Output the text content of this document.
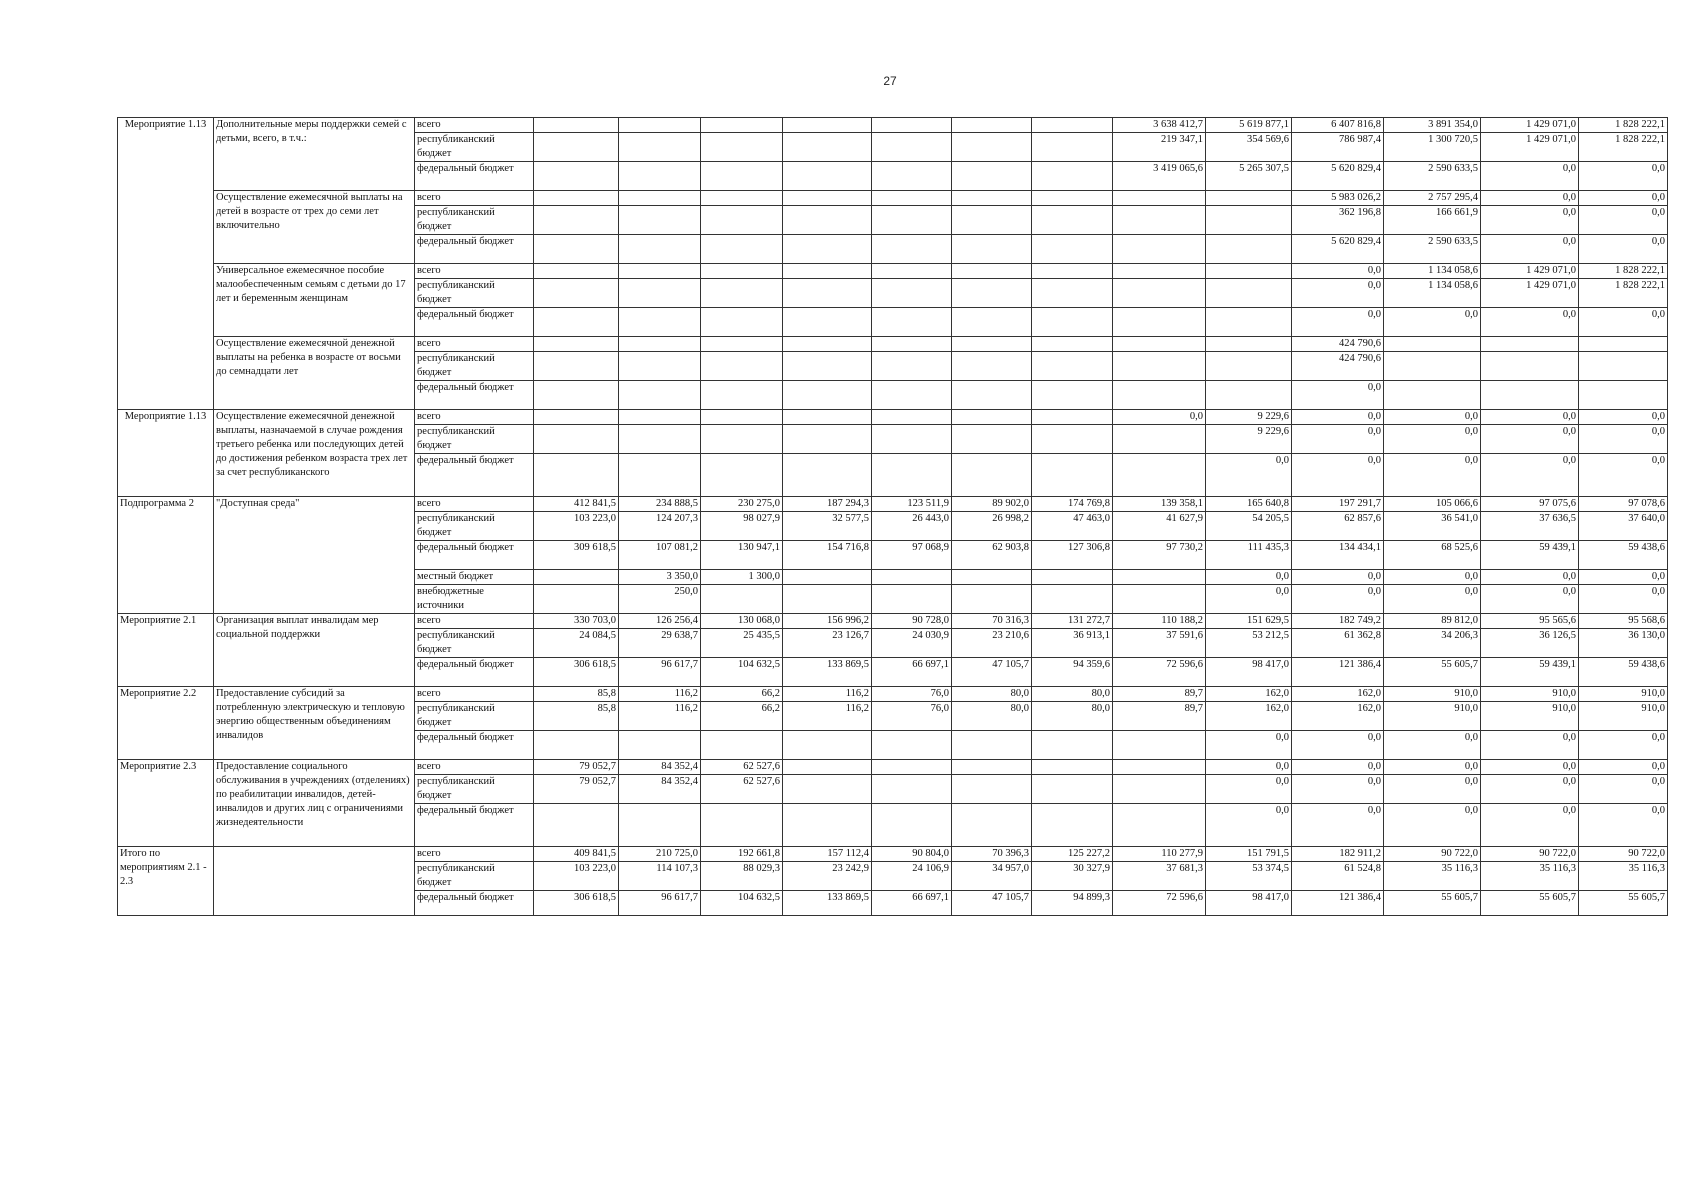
27
Мероприятие 1.13	Дополнительные меры поддержки семей с детьми, всего, в т.ч.:	всего								3 638 412,7	5 619 877,1	6 407 816,8	3 891 354,0	1 429 071,0	1 828 222,1
		республиканский бюджет								219 347,1	354 569,6	786 987,4	1 300 720,5	1 429 071,0	1 828 222,1
		федеральный бюджет								3 419 065,6	5 265 307,5	5 620 829,4	2 590 633,5	0,0	0,0
	Осуществление ежемесячной выплаты на детей в возрасте от трех до семи лет включительно	всего										5 983 026,2	2 757 295,4	0,0	0,0
		республиканский бюджет										362 196,8	166 661,9	0,0	0,0
		федеральный бюджет										5 620 829,4	2 590 633,5	0,0	0,0
	Универсальное ежемесячное пособие малообеспеченным семьям с детьми до 17 лет и беременным женщинам	всего										0,0	1 134 058,6	1 429 071,0	1 828 222,1
		республиканский бюджет										0,0	1 134 058,6	1 429 071,0	1 828 222,1
		федеральный бюджет										0,0	0,0	0,0	0,0
	Осуществление ежемесячной денежной выплаты на ребенка в возрасте от восьми до семнадцати лет	всего										424 790,6			
		республиканский бюджет										424 790,6			
		федеральный бюджет										0,0			
Мероприятие 1.13	Осуществление ежемесячной денежной выплаты, назначаемой в случае рождения третьего ребенка или последующих детей до достижения ребенком возраста трех лет за счет республиканского	всего								0,0	9 229,6	0,0	0,0	0,0	0,0
		республиканский бюджет									9 229,6	0,0	0,0	0,0	0,0
		федеральный бюджет									0,0	0,0	0,0	0,0	0,0
Подпрограмма 2	"Доступная среда"	всего	412 841,5	234 888,5	230 275,0	187 294,3	123 511,9	89 902,0	174 769,8	139 358,1	165 640,8	197 291,7	105 066,6	97 075,6	97 078,6
		республиканский бюджет	103 223,0	124 207,3	98 027,9	32 577,5	26 443,0	26 998,2	47 463,0	41 627,9	54 205,5	62 857,6	36 541,0	37 636,5	37 640,0
		федеральный бюджет	309 618,5	107 081,2	130 947,1	154 716,8	97 068,9	62 903,8	127 306,8	97 730,2	111 435,3	134 434,1	68 525,6	59 439,1	59 438,6
		местный бюджет		3 350,0	1 300,0						0,0	0,0	0,0	0,0	0,0
		внебюджетные источники		250,0							0,0	0,0	0,0	0,0	0,0
Мероприятие 2.1	Организация выплат инвалидам мер социальной поддержки	всего	330 703,0	126 256,4	130 068,0	156 996,2	90 728,0	70 316,3	131 272,7	110 188,2	151 629,5	182 749,2	89 812,0	95 565,6	95 568,6
		республиканский бюджет	24 084,5	29 638,7	25 435,5	23 126,7	24 030,9	23 210,6	36 913,1	37 591,6	53 212,5	61 362,8	34 206,3	36 126,5	36 130,0
		федеральный бюджет	306 618,5	96 617,7	104 632,5	133 869,5	66 697,1	47 105,7	94 359,6	72 596,6	98 417,0	121 386,4	55 605,7	59 439,1	59 438,6
Мероприятие 2.2	Предоставление субсидий за потребленную электрическую и тепловую энергию общественным объединениям инвалидов	всего	85,8	116,2	66,2	116,2	76,0	80,0	80,0	89,7	162,0	162,0	910,0	910,0	910,0
		республиканский бюджет	85,8	116,2	66,2	116,2	76,0	80,0	80,0	89,7	162,0	162,0	910,0	910,0	910,0
		федеральный бюджет									0,0	0,0	0,0	0,0	0,0
Мероприятие 2.3	Предоставление социального обслуживания в учреждениях (отделениях) по реабилитации инвалидов, детей-инвалидов и других лиц с ограничениями жизнедеятельности	всего	79 052,7	84 352,4	62 527,6						0,0	0,0	0,0	0,0	0,0
		республиканский бюджет	79 052,7	84 352,4	62 527,6						0,0	0,0	0,0	0,0	0,0
		федеральный бюджет									0,0	0,0	0,0	0,0	0,0
Итого по мероприятиям 2.1 - 2.3		всего	409 841,5	210 725,0	192 661,8	157 112,4	90 804,0	70 396,3	125 227,2	110 277,9	151 791,5	182 911,2	90 722,0	90 722,0	90 722,0
		республиканский бюджет	103 223,0	114 107,3	88 029,3	23 242,9	24 106,9	34 957,0	30 327,9	37 681,3	53 374,5	61 524,8	35 116,3	35 116,3	35 116,3
		федеральный бюджет	306 618,5	96 617,7	104 632,5	133 869,5	66 697,1	47 105,7	94 899,3	72 596,6	98 417,0	121 386,4	55 605,7	55 605,7	55 605,7
